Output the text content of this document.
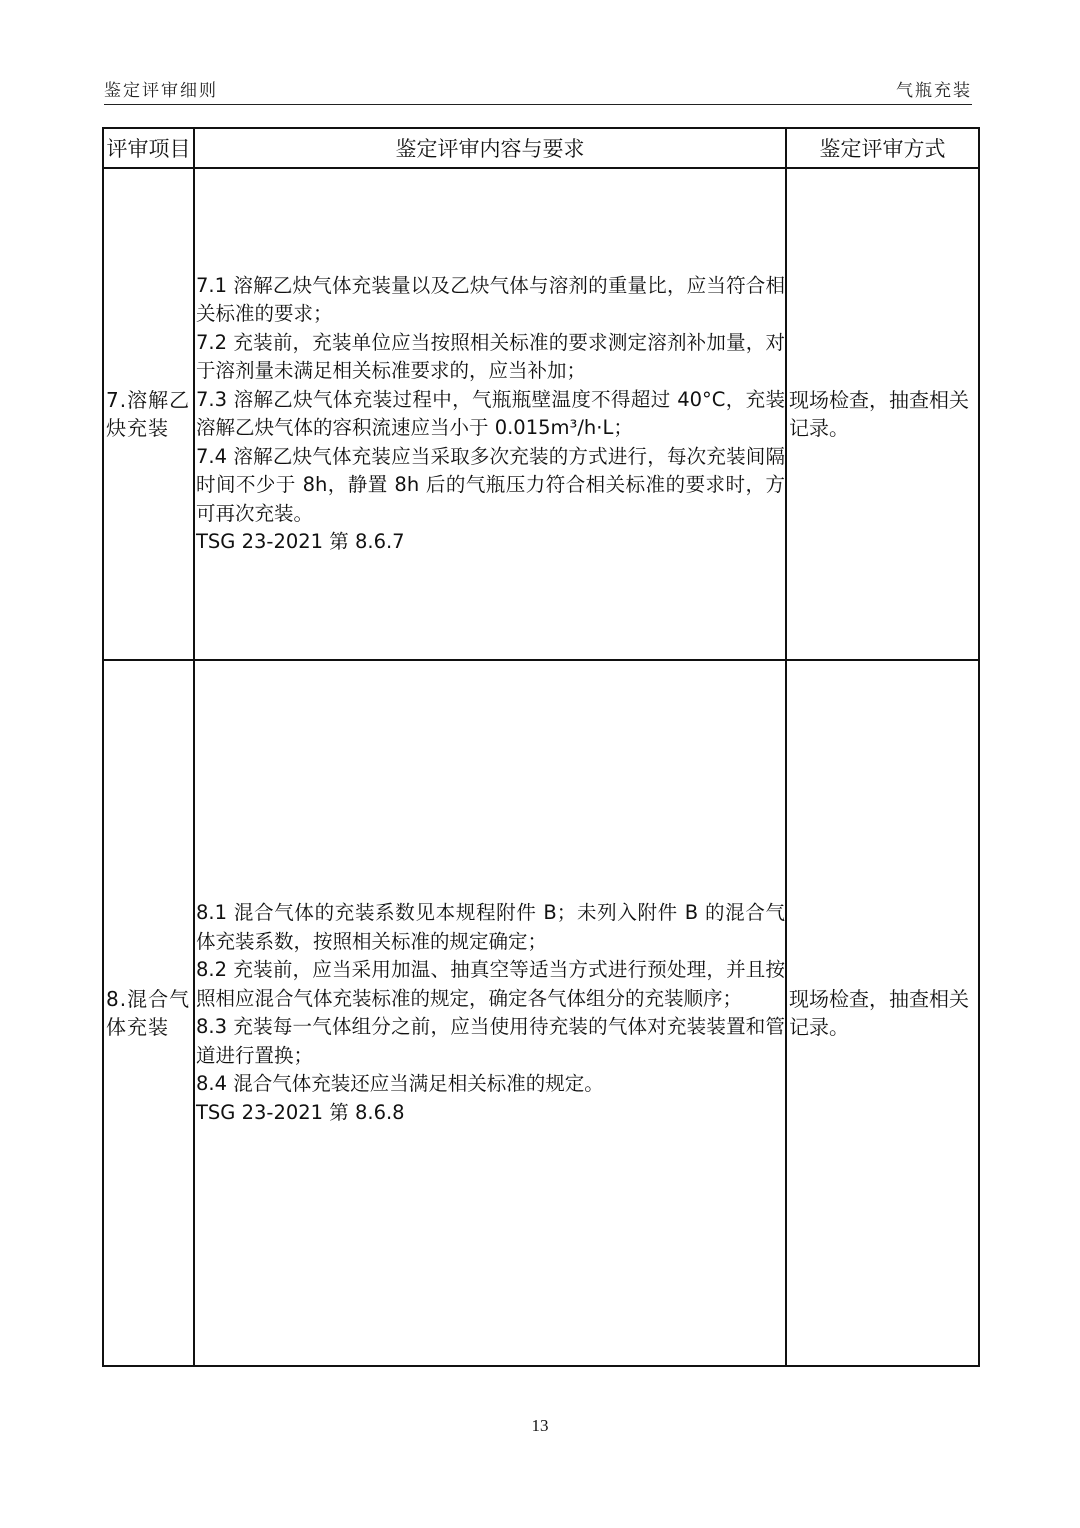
鉴定评审细则	气瓶充装
评审项目	鉴定评审内容与要求	鉴定评审方式
7.溶解乙炔充装	7.1 溶解乙炔气体充装量以及乙炔气体与溶剂的重量比，应当符合相关标准的要求；

7.2 充装前，充装单位应当按照相关标准的要求测定溶剂补加量，对于溶剂量未满足相关标准要求的，应当补加；

7.3 溶解乙炔气体充装过程中，气瓶瓶壁温度不得超过 40°C，充装溶解乙炔气体的容积流速应当小于 0.015m³/h·L；

7.4 溶解乙炔气体充装应当采取多次充装的方式进行，每次充装间隔时间不少于 8h，静置 8h 后的气瓶压力符合相关标准的要求时，方可再次充装。

TSG 23-2021 第 8.6.7	现场检查，抽查相关记录。
8.混合气体充装	8.1 混合气体的充装系数见本规程附件 B；未列入附件 B 的混合气体充装系数，按照相关标准的规定确定；

8.2 充装前，应当采用加温、抽真空等适当方式进行预处理，并且按照相应混合气体充装标准的规定，确定各气体组分的充装顺序；

8.3 充装每一气体组分之前，应当使用待充装的气体对充装装置和管道进行置换；

8.4 混合气体充装还应当满足相关标准的规定。

TSG 23-2021 第 8.6.8	现场检查，抽查相关记录。
13
